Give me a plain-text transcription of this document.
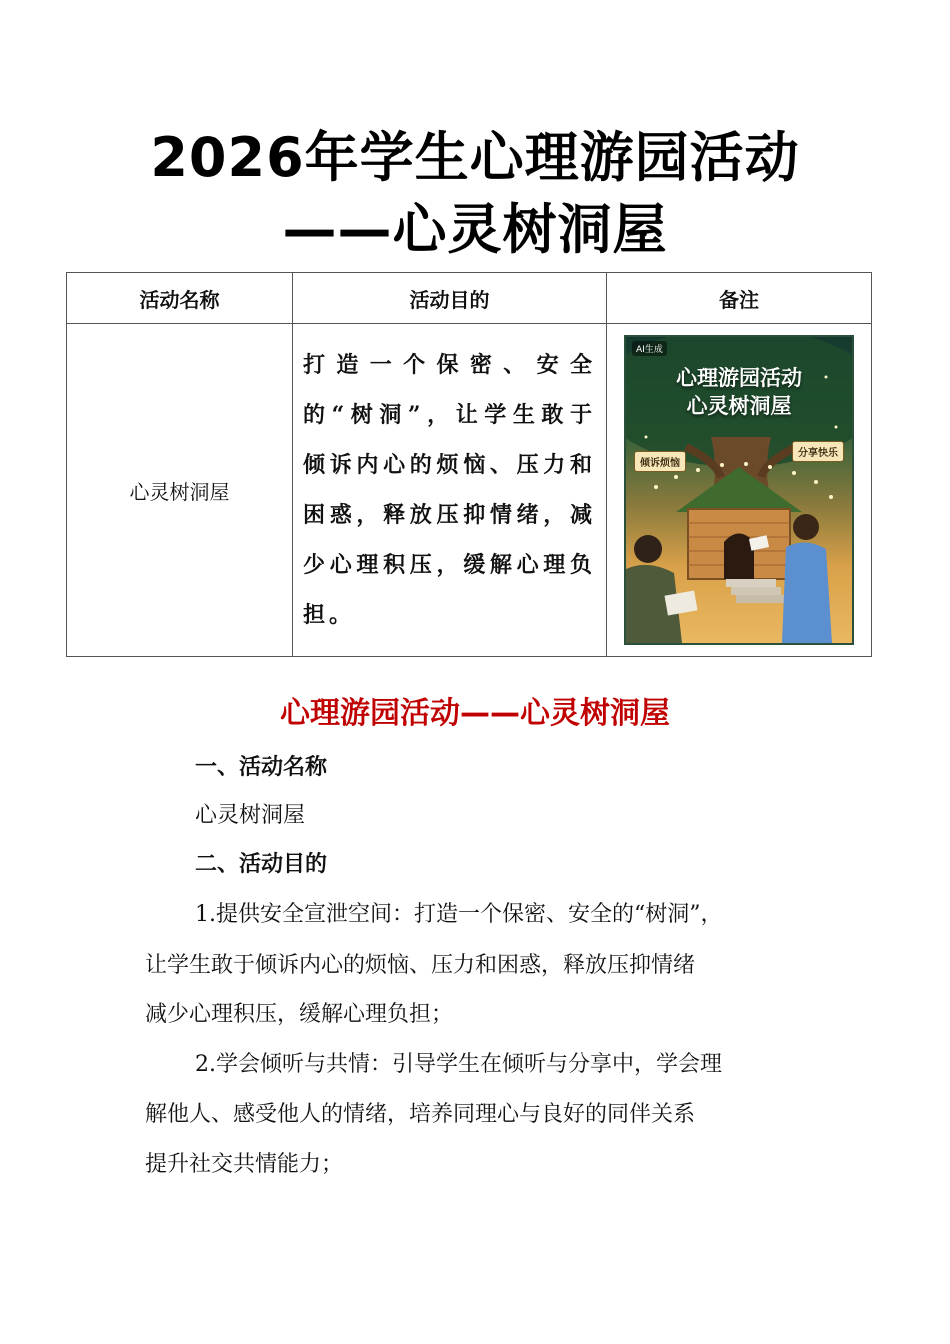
2026年学生心理游园活动
——心灵树洞屋
活动名称	活动目的	备注
心灵树洞屋	打造一个保密、安全的“树洞”，让学生敢于倾诉内心的烦恼、压力和困惑，释放压抑情绪，减少心理积压，缓解心理负担。	AI生成
心理游园活动
心灵树洞屋
倾诉烦恼
分享快乐
心理游园活动——心灵树洞屋
一、活动名称
心灵树洞屋
二、活动目的
1.提供安全宣泄空间：打造一个保密、安全的“树洞”，
让学生敢于倾诉内心的烦恼、压力和困惑，释放压抑情绪
减少心理积压，缓解心理负担；
2.学会倾听与共情：引导学生在倾听与分享中，学会理
解他人、感受他人的情绪，培养同理心与良好的同伴关系
提升社交共情能力；
